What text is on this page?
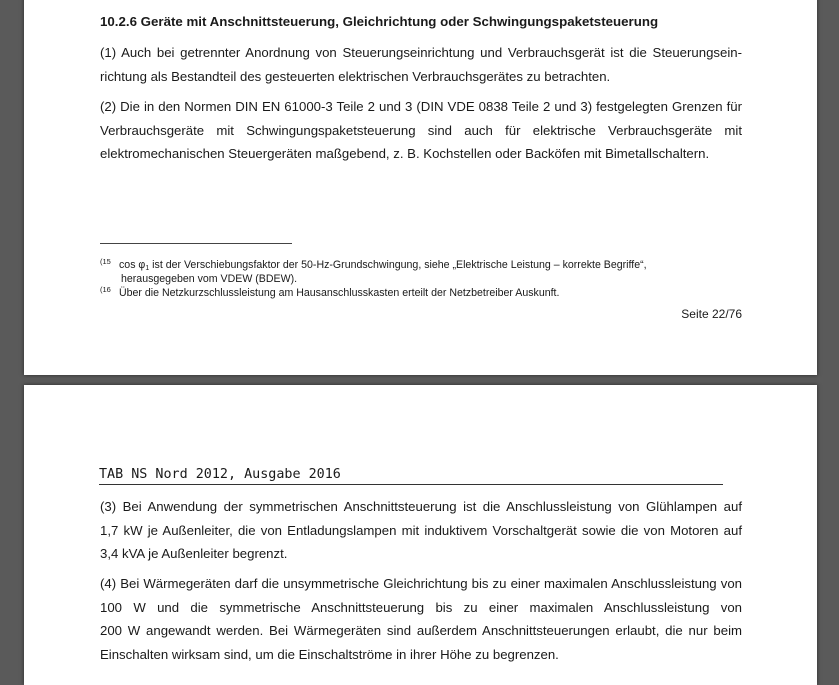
10.2.6 Geräte mit Anschnittsteuerung, Gleichrichtung oder Schwingungspaketsteuerung
(1) Auch bei getrennter Anordnung von Steuerungseinrichtung und Verbrauchsgerät ist die Steuerungsein-
richtung als Bestandteil des gesteuerten elektrischen Verbrauchsgerätes zu betrachten.
(2) Die in den Normen DIN EN 61000-3 Teile 2 und 3 (DIN VDE 0838 Teile 2 und 3) festgelegten Grenzen für
Verbrauchsgeräte mit Schwingungspaketsteuerung sind auch für elektrische Verbrauchsgeräte mit
elektromechanischen Steuergeräten maßgebend, z. B. Kochstellen oder Backöfen mit Bimetallschaltern.
(15 $\cos \varphi_1$ ist der Verschiebungsfaktor der 50-Hz-Grundschwingung, siehe „Elektrische Leistung – korrekte Begriffe“,
herausgegeben vom VDEW (BDEW).
(16 Über die Netzkurzschlussleistung am Hausanschlusskasten erteilt der Netzbetreiber Auskunft.
Seite 22/76
TAB NS Nord 2012, Ausgabe 2016
(3) Bei Anwendung der symmetrischen Anschnittsteuerung ist die Anschlussleistung von Glühlampen auf
1,7 kW je Außenleiter, die von Entladungslampen mit induktivem Vorschaltgerät sowie die von Motoren auf
3,4 kVA je Außenleiter begrenzt.
(4) Bei Wärmegeräten darf die unsymmetrische Gleichrichtung bis zu einer maximalen Anschlussleistung von
100 W und die symmetrische Anschnittsteuerung bis zu einer maximalen Anschlussleistung von
200 W angewandt werden. Bei Wärmegeräten sind außerdem Anschnittsteuerungen erlaubt, die nur beim
Einschalten wirksam sind, um die Einschaltströme in ihrer Höhe zu begrenzen.
